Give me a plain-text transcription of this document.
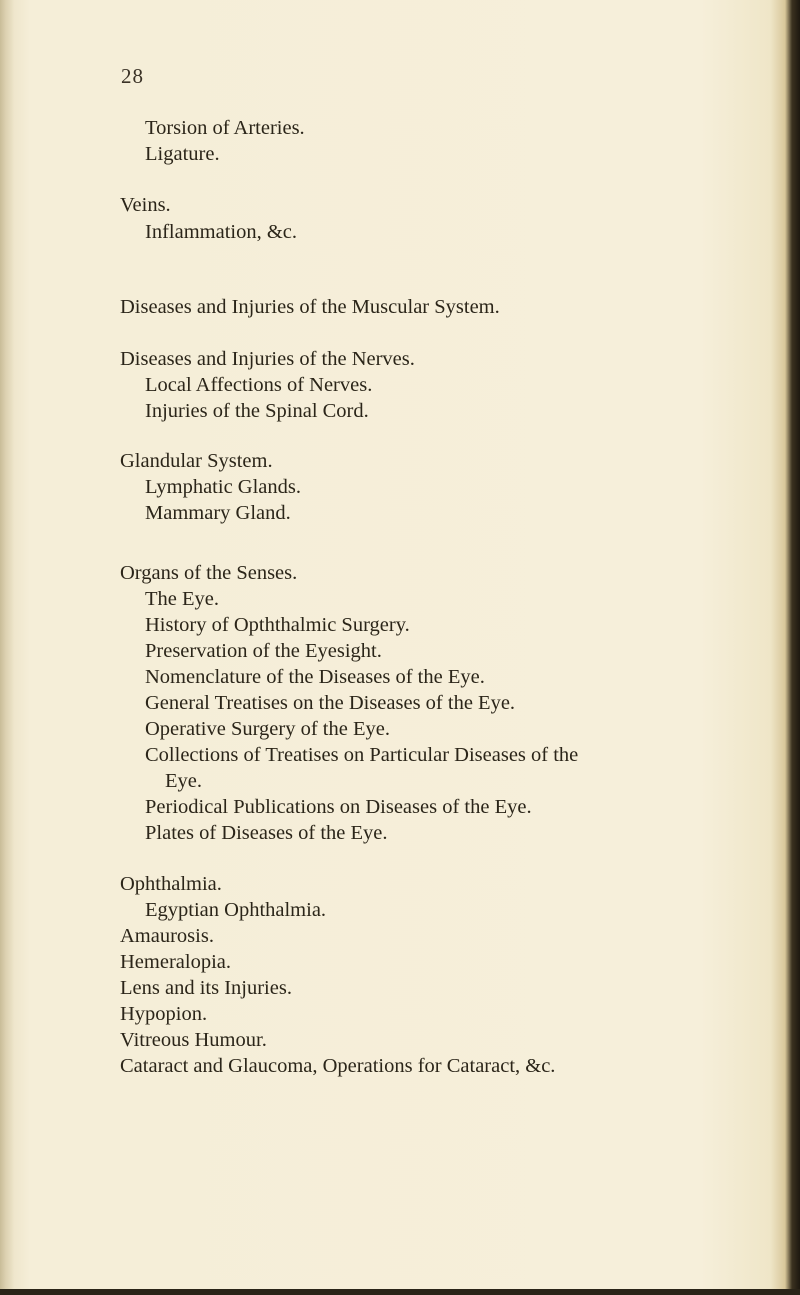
28
Torsion of Arteries.
Ligature.
Veins.
Inflammation, &c.
Diseases and Injuries of the Muscular System.
Diseases and Injuries of the Nerves.
Local Affections of Nerves.
Injuries of the Spinal Cord.
Glandular System.
Lymphatic Glands.
Mammary Gland.
Organs of the Senses.
The Eye.
History of Opththalmic Surgery.
Preservation of the Eyesight.
Nomenclature of the Diseases of the Eye.
General Treatises on the Diseases of the Eye.
Operative Surgery of the Eye.
Collections of Treatises on Particular Diseases of the
Eye.
Periodical Publications on Diseases of the Eye.
Plates of Diseases of the Eye.
Ophthalmia.
Egyptian Ophthalmia.
Amaurosis.
Hemeralopia.
Lens and its Injuries.
Hypopion.
Vitreous Humour.
Cataract and Glaucoma, Operations for Cataract, &c.
